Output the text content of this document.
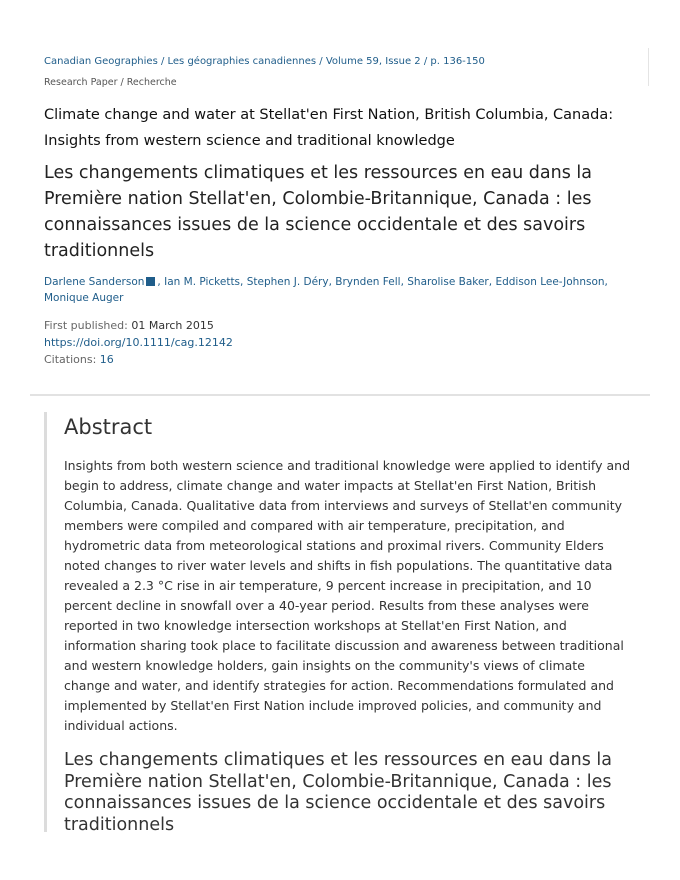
Canadian Geographies / Les géographies canadiennes / Volume 59, Issue 2 / p. 136-150

Research Paper / Recherche

Climate change and water at Stellat'en First Nation, British Columbia, Canada: Insights from western science and traditional knowledge
Les changements climatiques et les ressources en eau dans la Première nation Stellat'en, Colombie-Britannique, Canada : les connaissances issues de la science occidentale et des savoirs traditionnels

Darlene Sanderson , Ian M. Picketts, Stephen J. Déry, Brynden Fell, Sharolise Baker, Eddison Lee-Johnson, Monique Auger

First published: 01 March 2015
https://doi.org/10.1111/cag.12142
Citations: 16
Abstract

Insights from both western science and traditional knowledge were applied to identify and begin to address, climate change and water impacts at Stellat'en First Nation, British Columbia, Canada. Qualitative data from interviews and surveys of Stellat'en community members were compiled and compared with air temperature, precipitation, and hydrometric data from meteorological stations and proximal rivers. Community Elders noted changes to river water levels and shifts in fish populations. The quantitative data revealed a 2.3 °C rise in air temperature, 9 percent increase in precipitation, and 10 percent decline in snowfall over a 40-year period. Results from these analyses were reported in two knowledge intersection workshops at Stellat'en First Nation, and information sharing took place to facilitate discussion and awareness between traditional and western knowledge holders, gain insights on the community's views of climate change and water, and identify strategies for action. Recommendations formulated and implemented by Stellat'en First Nation include improved policies, and community and individual actions.

Les changements climatiques et les ressources en eau dans la Première nation Stellat'en, Colombie-Britannique, Canada : les connaissances issues de la science occidentale et des savoirs traditionnels
